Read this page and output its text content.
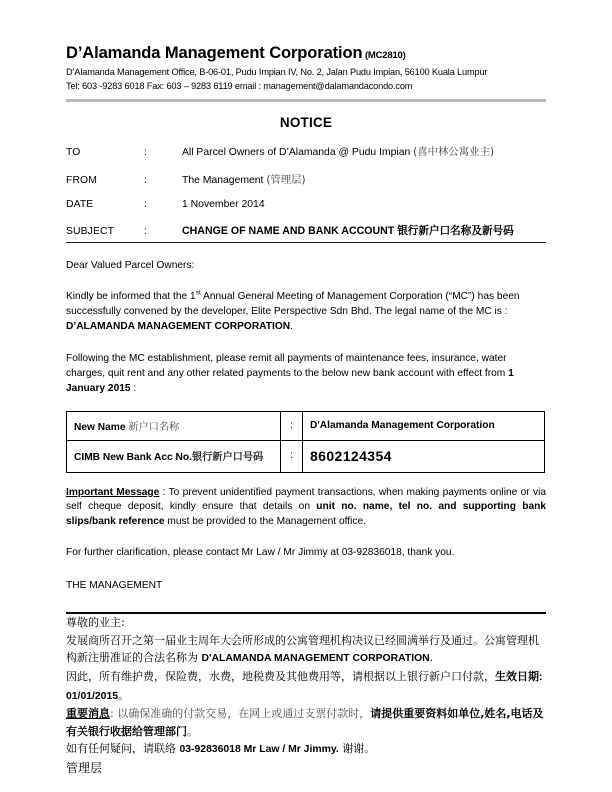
D’Alamanda Management Corporation (MC2810)
D’Alamanda Management Office, B-06-01, Pudu Impian IV, No. 2, Jalan Pudu Impian, 56100 Kuala Lumpur
Tel: 603 -9283 6018 Fax: 603 – 9283 6119 email : management@dalamandacondo.com
NOTICE
TO	:	All Parcel Owners of D’Alamanda @ Pudu Impian (喜中林公寓业主)
FROM	:	The Management (管理层)
DATE	:	1 November 2014
SUBJECT	:	CHANGE OF NAME AND BANK ACCOUNT 银行新户口名称及新号码

Dear Valued Parcel Owners:

Kindly be informed that the 1st Annual General Meeting of Management Corporation (“MC”) has been successfully convened by the developer, Elite Perspective Sdn Bhd. The legal name of the MC is : D’ALAMANDA MANAGEMENT CORPORATION.

Following the MC establishment, please remit all payments of maintenance fees, insurance, water charges, quit rent and any other related payments to the below new bank account with effect from 1 January 2015 :

New Name 新户口名称	:	D'Alamanda Management Corporation
CIMB New Bank Acc No.银行新户口号码	:	8602124354

Important Message : To prevent unidentified payment transactions, when making payments online or via self cheque deposit, kindly ensure that details on unit no. name, tel no. and supporting bank slips/bank reference must be provided to the Management office.

For further clarification, please contact Mr Law / Mr Jimmy at 03-92836018, thank you.

THE MANAGEMENT

尊敬的业主:

发展商所召开之第一届业主周年大会所形成的公寓管理机构决议已经圆满举行及通过。公寓管理机构新注册准证的合法名称为 D'ALAMANDA MANAGEMENT CORPORATION.

因此，所有维护费，保险费，水费，地税费及其他费用等，请根据以上银行新户口付款，生效日期: 01/01/2015。

重要消息: 以确保准确的付款交易，在网上或通过支票付款时，请提供重要资料如单位,姓名,电话及有关银行收据给管理部门。

如有任何疑问，请联络 03-92836018 Mr Law / Mr Jimmy. 谢谢。

管理层
